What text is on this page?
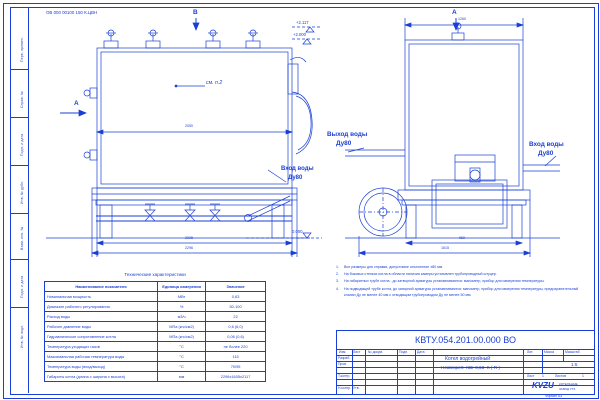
Перв. примен.
Справ. №
Подп. и дата
Инв. № дубл.
Взам. инв. №
Подп. и дата
Инв. № подл.
ОВ 000 00100 150 К.ЦВН	В	А
А
+2.117
+2.000
0.000
см. п.2
Вход воды
Ду80
Выход воды
Ду80	Вход воды
Ду80
2050
2205
2296
1260
960
1615
Технические характеристики
Наименование показателя	Единица измерения	Значение
Номинальная мощность	МВт	0,63
Диапазон рабочего регулирования	%	50-100
Расход воды	м3/ч	22
Рабочее давление воды	МПа (кгс/см2)	0,6 (6,0)
Гидравлическое сопротивление котла	МПа (кгс/см2)	0,06 (0,6)
Температура уходящих газов	°C	не более 220
Максимальная рабочая температура воды	°C	115
Температура воды (вход/выход)	°C	70/95
Габариты котла (длина х ширина х высота)	мм	2296х1605х2117
1.	Все размеры для справки, допустимое отклонение ±80 мм.
2.	На боковых стенках котла в области наличия камеры установлен трубопроводный штуцер.
3.	На габаритных трубе котла , до затворной арматуры устанавливаются: манометр, прибор для измерения температуры.
4.	На подводящей трубе котла, до запорной арматуры устанавливаются: манометр, прибор для измерения температуры, предохранительный клапан Ду не менее 40 мм с отводящим трубопроводом Ду не менее 50 мм.
КВТУ.054.201.00.000 ВО
Изм. Лист № докум.	Подп.	Дата
Разраб.
Пров.
Т.контр.
Н.контр. Утв.
Котел водогрейный
Heatexpert- КВг-0,63- К ( R )
Лит.	Масса	Масштаб
1:5
Лист 1	Листов	1
KVZU КОТЕЛЬНЫЕ
ЗАВОД УТЗ
Формат А3
